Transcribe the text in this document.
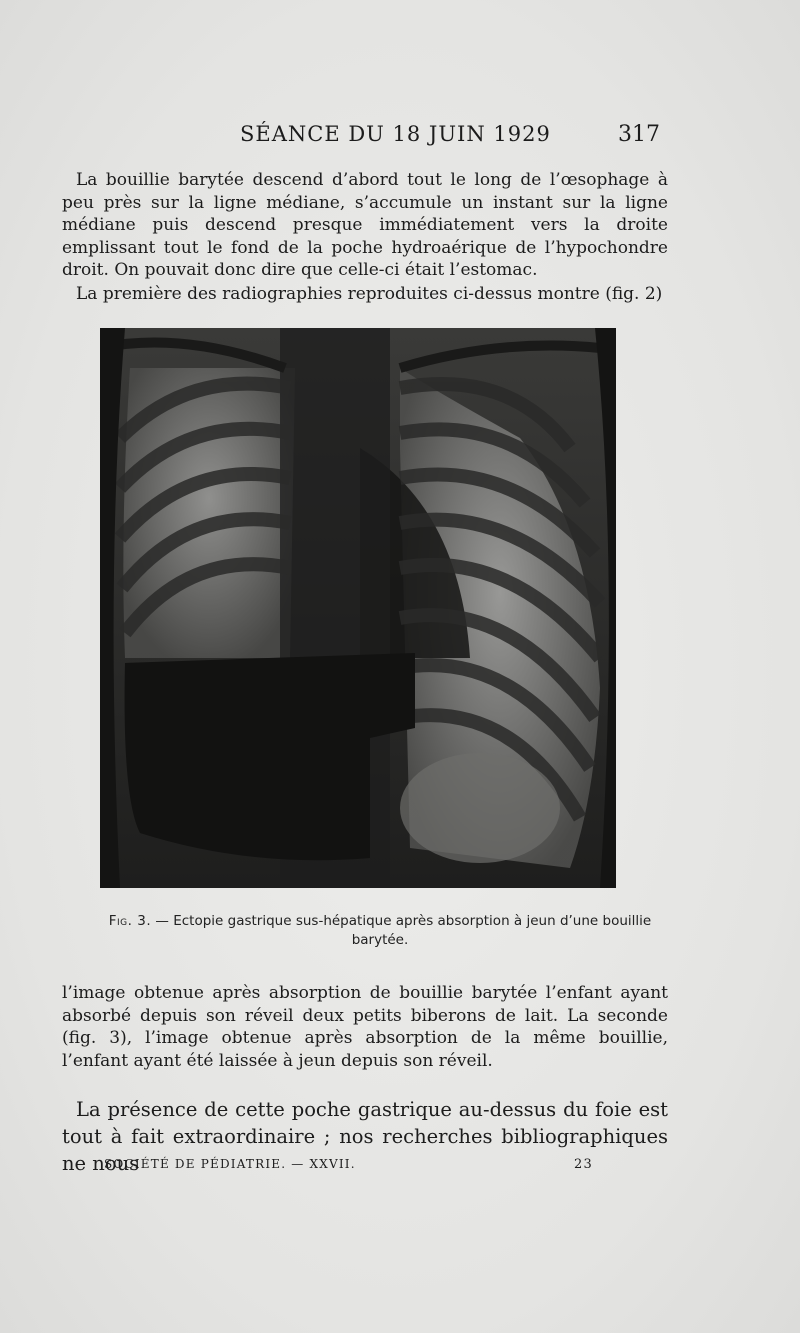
SÉANCE DU 18 JUIN 1929	317

La bouillie barytée descend d’abord tout le long de l’œsophage à peu près sur la ligne médiane, s’accumule un instant sur la ligne médiane puis descend presque immédiatement vers la droite emplissant tout le fond de la poche hydroaérique de l’hypochondre droit. On pouvait donc dire que celle-ci était l’estomac.

La première des radiographies reproduites ci-dessus montre (fig. 2)

Fig. 3. — Ectopie gastrique sus-hépatique après absorption à jeun d’une bouillie barytée.

l’image obtenue après absorption de bouillie barytée l’enfant ayant absorbé depuis son réveil deux petits biberons de lait. La seconde (fig. 3), l’image obtenue après absorption de la même bouillie, l’enfant ayant été laissée à jeun depuis son réveil.

La présence de cette poche gastrique au-dessus du foie est tout à fait extraordinaire ; nos recherches bibliographiques ne nous

SOCIÉTÉ DE PÉDIATRIE. — XXVII.	23
